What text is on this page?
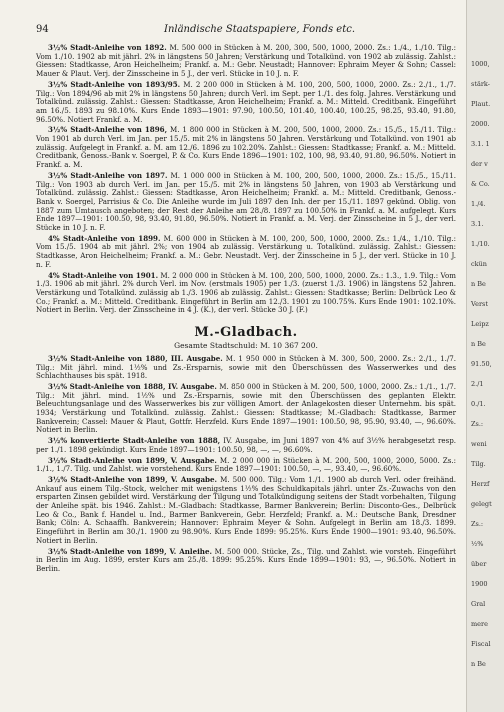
94	Inländische Staatspapiere, Fonds etc.

3½% Stadt-Anleihe von 1892. M. 500 000 in Stücken à M. 200, 300, 500, 1000, 2000. Zs.: 1./4., 1./10. Tilg.: Vom 1./10. 1902 ab mit jährl. 2% in längstens 50 Jahren; Verstärkung und Totalkünd. von 1902 ab zulässig. Zahlst.: Giessen: Stadtkasse, Aron Heichelheim; Frankf. a. M.: Gebr. Neustadt; Hannover: Ephraim Meyer & Sohn; Cassel: Mauer & Plaut. Verj. der Zinsscheine in 5 J., der verl. Stücke in 10 J. n. F.

3½% Stadt-Anleihe von 1893/95. M. 2 200 000 in Stücken à M. 100, 200, 500, 1000, 2000. Zs.: 2./1., 1./7. Tilg.: Von 1894/96 ab mit 2% in längstens 50 Jahren; durch Verl. im Sept. per 1./1. des folg. Jahres. Verstärkung und Totalkünd. zulässig. Zahlst.: Giessen: Stadtkasse, Aron Heichelheim; Frankf. a. M.: Mitteld. Creditbank. Eingeführt am 16./5. 1893 zu 98.10%. Kurs Ende 1893—1901: 97.90, 100.50, 101.40, 100.40, 100.25, 98.25, 93.40, 91.80, 96.50%. Notiert Frankf. a. M.

3½% Stadt-Anleihe von 1896, M. 1 800 000 in Stücken à M. 200, 500, 1000, 2000. Zs.: 15./5., 15./11. Tilg.: Von 1901 ab durch Verl. im Jan. per 15./5. mit 2% in längstens 50 Jahren. Verstärkung und Totalkünd. von 1901 ab zulässig. Aufgelegt in Frankf. a. M. am 12./6. 1896 zu 102.20%. Zahlst.: Giessen: Stadtkasse; Frankf. a. M.: Mitteld. Creditbank, Genoss.-Bank v. Soergel, P. & Co. Kurs Ende 1896—1901: 102, 100, 98, 93.40, 91.80, 96.50%. Notiert in Frankf. a. M.

3½% Stadt-Anleihe von 1897. M. 1 000 000 in Stücken à M. 100, 200, 500, 1000, 2000. Zs.: 15./5., 15./11. Tilg.: Von 1903 ab durch Verl. im Jan. per 15./5. mit 2% in längstens 50 Jahren, von 1903 ab Verstärkung und Totalkünd. zulässig. Zahlst.: Giessen: Stadtkasse, Aron Heichelheim; Frankf. a. M.: Mitteld. Creditbank, Genoss.-Bank v. Soergel, Parrisius & Co. Die Anleihe wurde im Juli 1897 den Inh. der per 15./11. 1897 gekünd. Oblig. von 1887 zum Umtausch angeboten; der Rest der Anleihe am 28./8. 1897 zu 100.50% in Frankf. a. M. aufgelegt. Kurs Ende 1897—1901: 100.50, 98, 93.40, 91.80, 96.50%. Notiert in Frankf. a. M. Verj. der Zinsscheine in 5 J., der verl. Stücke in 10 J. n. F.

4% Stadt-Anleihe von 1899. M. 600 000 in Stücken à M. 100, 200, 500, 1000, 2000. Zs.: 1./4., 1./10. Tilg.: Vom 15./5. 1904 ab mit jährl. 2%; von 1904 ab zulässig. Verstärkung u. Totalkünd. zulässig. Zahlst.: Giessen: Stadtkasse, Aron Heichelheim; Frankf. a. M.: Gebr. Neustadt. Verj. der Zinsscheine in 5 J., der verl. Stücke in 10 J. n. F.

4% Stadt-Anleihe von 1901. M. 2 000 000 in Stücken à M. 100, 200, 500, 1000, 2000. Zs.: 1.3., 1.9. Tilg.: Vom 1./3. 1906 ab mit jährl. 2% durch Verl. im Nov. (erstmals 1905) per 1./3. (zuerst 1./3. 1906) in längstens 52 Jahren. Verstärkung und Totalkünd. zulässig ab 1./3. 1906 ab zulässig. Zahlst.: Giessen: Stadtkasse; Berlin: Delbrück Leo & Co.; Frankf. a. M.: Mitteld. Creditbank. Eingeführt in Berlin am 12./3. 1901 zu 100.75%. Kurs Ende 1901: 102.10%. Notiert in Berlin. Verj. der Zinsscheine in 4 J. (K.), der verl. Stücke 30 J. (F.)

M.-Gladbach.
Gesamte Stadtschuld: M. 10 367 200.

3½% Stadt-Anleihe von 1880, III. Ausgabe. M. 1 950 000 in Stücken à M. 300, 500, 2000. Zs.: 2./1., 1./7. Tilg.: Mit jährl. mind. 1½% und Zs.-Ersparnis, sowie mit den Überschüssen des Wasserwerkes und des Schlachthauses bis spät. 1918.

3½% Stadt-Anleihe von 1888, IV. Ausgabe. M. 850 000 in Stücken à M. 200, 500, 1000, 2000. Zs.: 1./1., 1./7. Tilg.: Mit jährl. mind. 1½% und Zs.-Ersparnis, sowie mit den Überschüssen des geplanten Elektr. Beleuchtungsanlage und des Wasserwerkes bis zur völligen Amort. der Anlagekosten dieser Unternehm. bis spät. 1934; Verstärkung und Totalkünd. zulässig. Zahlst.: Giessen: Stadtkasse; M.-Gladbach: Stadtkasse, Barmer Bankverein; Cassel: Mauer & Plaut, Gottfr. Herzfeld. Kurs Ende 1897—1901: 100.50, 98, 95.90, 93.40, —, 96.60%. Notiert in Berlin.

3½% konvertierte Stadt-Anleihe von 1888, IV. Ausgabe, im Juni 1897 von 4% auf 3½% herabgesetzt resp. per 1./1. 1898 gekündigt. Kurs Ende 1897—1901: 100.50, 98, —, —, 96.60%.

3½% Stadt-Anleihe von 1899, V. Ausgabe. M. 2 000 000 in Stücken à M. 200, 500, 1000, 2000, 5000. Zs.: 1./1., 1./7. Tilg. und Zahlst. wie vorstehend. Kurs Ende 1897—1901: 100.50, —, —, 93.40, —, 96.60%.

3½% Stadt-Anleihe von 1899, V. Ausgabe. M. 500 000. Tilg.: Vom 1./1. 1900 ab durch Verl. oder freihänd. Ankauf aus einem Tilg.-Stock, welcher mit wenigstens 1½% des Schuldkapitals jährl. unter Zs.-Zuwachs von den ersparten Zinsen gebildet wird. Verstärkung der Tilgung und Totalkündigung seitens der Stadt vorbehalten, Tilgung der Anleihe spät. bis 1946. Zahlst.: M.-Gladbach: Stadtkasse, Barmer Bankverein; Berlin: Disconto-Ges., Delbrück Leo & Co., Bank f. Handel u. Ind., Barmer Bankverein, Gebr. Herzfeld; Frankf. a. M.: Deutsche Bank, Dresdner Bank; Cöln: A. Schaaffh. Bankverein; Hannover: Ephraim Meyer & Sohn. Aufgelegt in Berlin am 18./3. 1899. Eingeführt in Berlin am 30./1. 1900 zu 98.90%. Kurs Ende 1899: 95.25%. Kurs Ende 1900—1901: 93.40, 96.50%. Notiert in Berlin.

3½% Stadt-Anleihe von 1899, V. Anleihe. M. 500 000. Stücke, Zs., Tilg. und Zahlst. wie vorsteh. Eingeführt in Berlin im Aug. 1899, erster Kurs am 25./8. 1899: 95.25%. Kurs Ende 1899—1901: 93, —, 96.50%. Notiert in Berlin.

1000,
stärk-
Plaut.
2000.
3.1. 1
der v
& Co.
1./4.
3.1.
1./10.
ckün
n Be
Verst
Leipz
n Be
91.50,
2./1
0./1.
Zs.:
weni
Tilg.
Herzf
gelegt
Zs.:
½%
über
1900
Gral
mere
Fiscal
n Be
